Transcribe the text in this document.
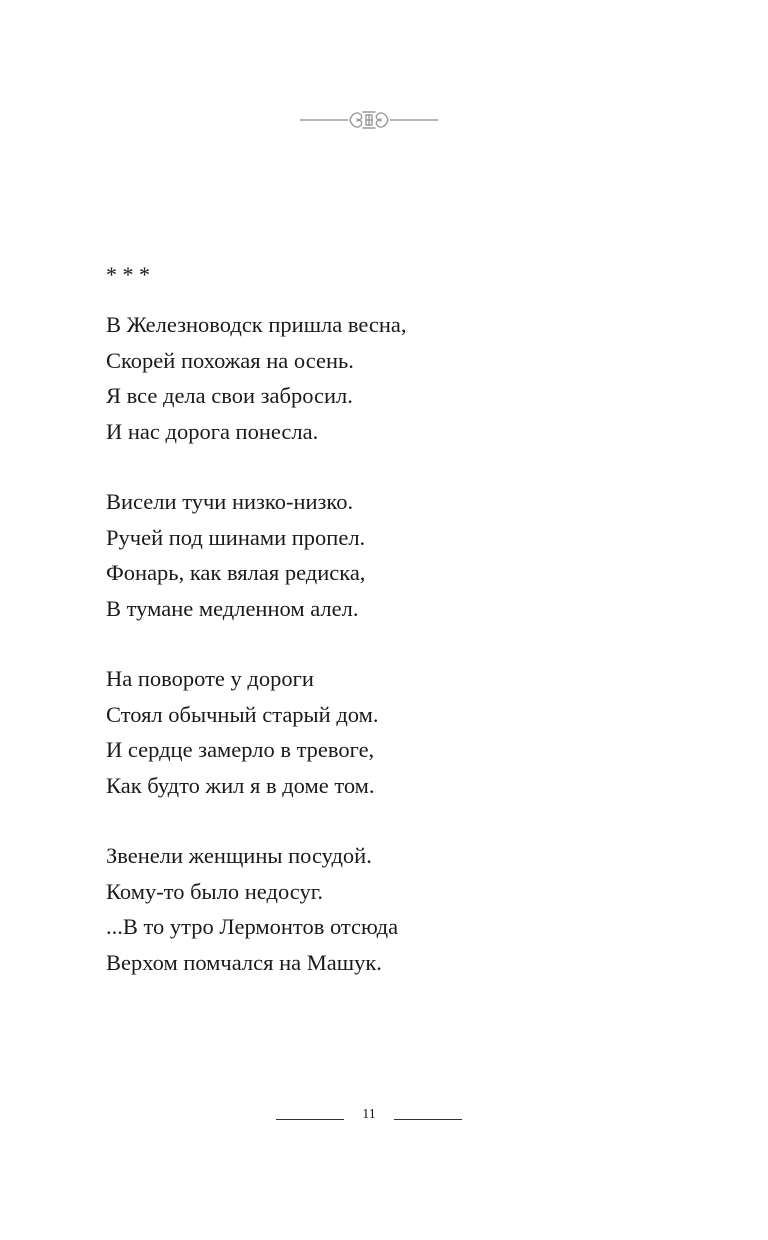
* * *
В Железноводск пришла весна,
Скорей похожая на осень.
Я все дела свои забросил.
И нас дорога понесла.
Висели тучи низко-низко.
Ручей под шинами пропел.
Фонарь, как вялая редиска,
В тумане медленном алел.
На повороте у дороги
Стоял обычный старый дом.
И сердце замерло в тревоге,
Как будто жил я в доме том.
Звенели женщины посудой.
Кому-то было недосуг.
...В то утро Лермонтов отсюда
Верхом помчался на Машук.
11
